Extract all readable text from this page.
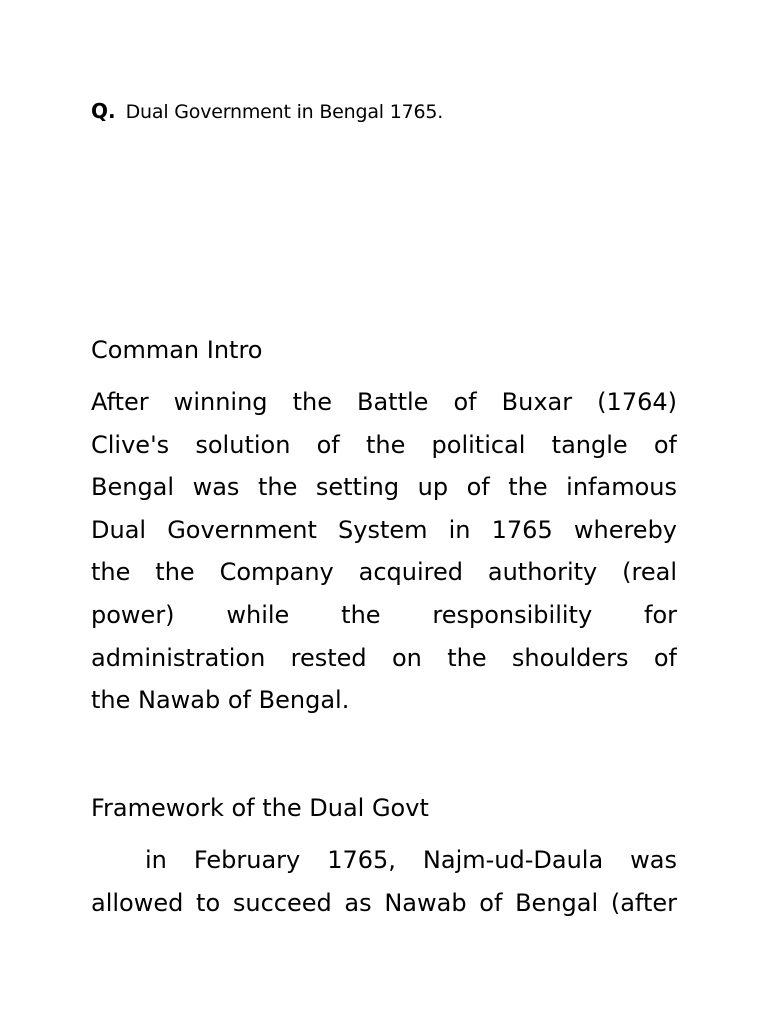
Q. Dual Government in Bengal 1765.
Comman Intro
After winning the Battle of Buxar (1764)
Clive's solution of the political tangle of
Bengal was the setting up of the infamous
Dual Government System in 1765 whereby
the the Company acquired authority (real
power) while the responsibility for
administration rested on the shoulders of
the Nawab of Bengal.
Framework of the Dual Govt
in February 1765, Najm-ud-Daula was
allowed to succeed as Nawab of Bengal (after
